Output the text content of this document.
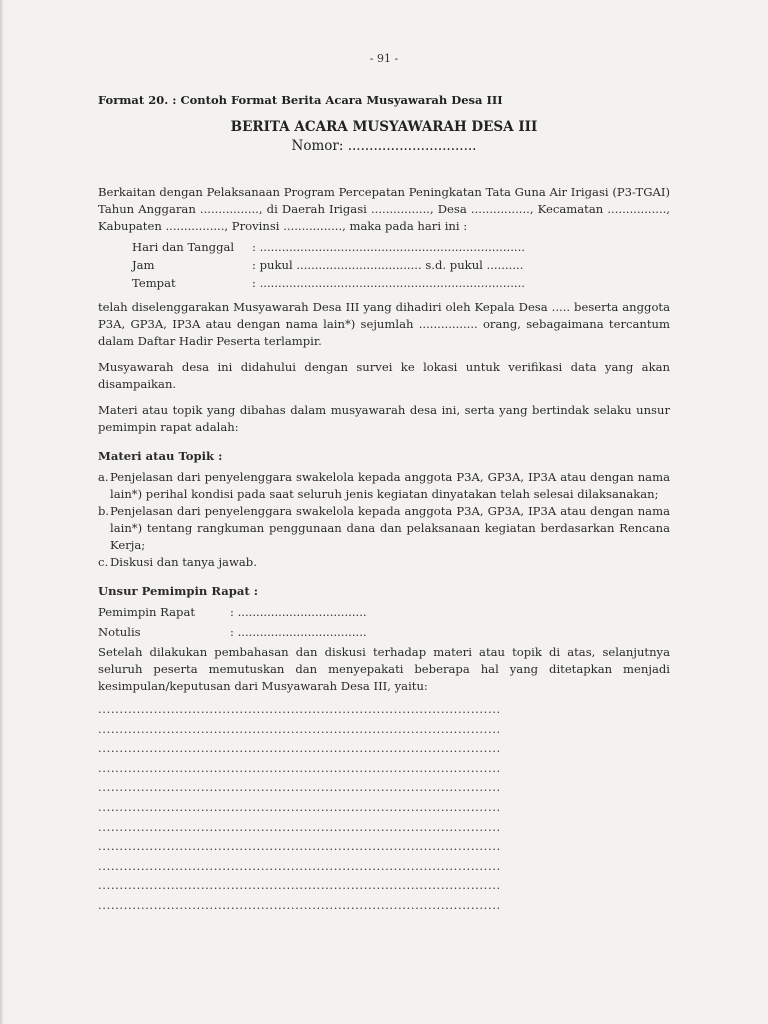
- 91 -
Format 20. : Contoh Format Berita Acara Musyawarah Desa III
BERITA ACARA MUSYAWARAH DESA III
Nomor: ..............................

Berkaitan dengan Pelaksanaan Program Percepatan Peningkatan Tata Guna Air Irigasi (P3-TGAI) Tahun Anggaran ................, di Daerah Irigasi ................, Desa ................, Kecamatan ................, Kabupaten ................, Provinsi ................, maka pada hari ini :

Hari dan Tanggal	: ........................................................................
Jam	: pukul .................................. s.d. pukul ..........
Tempat	: ........................................................................

telah diselenggarakan Musyawarah Desa III yang dihadiri oleh Kepala Desa ..... beserta anggota P3A, GP3A, IP3A atau dengan nama lain*) sejumlah ................ orang, sebagaimana tercantum dalam Daftar Hadir Peserta terlampir.

Musyawarah desa ini didahului dengan survei ke lokasi untuk verifikasi data yang akan disampaikan.

Materi atau topik yang dibahas dalam musyawarah desa ini, serta yang bertindak selaku unsur pemimpin rapat adalah:

Materi atau Topik :

a. Penjelasan dari penyelenggara swakelola kepada anggota P3A, GP3A, IP3A atau dengan nama lain*) perihal kondisi pada saat seluruh jenis kegiatan dinyatakan telah selesai dilaksanakan;
b. Penjelasan dari penyelenggara swakelola kepada anggota P3A, GP3A, IP3A atau dengan nama lain*) tentang rangkuman penggunaan dana dan pelaksanaan kegiatan berdasarkan Rencana Kerja;
c. Diskusi dan tanya jawab.

Unsur Pemimpin Rapat :

Pemimpin Rapat	: ...................................
Notulis	: ...................................

Setelah dilakukan pembahasan dan diskusi terhadap materi atau topik di atas, selanjutnya seluruh peserta memutuskan dan menyepakati beberapa hal yang ditetapkan menjadi kesimpulan/keputusan dari Musyawarah Desa III, yaitu:

..............................................................................................
..............................................................................................
..............................................................................................
..............................................................................................
..............................................................................................
..............................................................................................
..............................................................................................
..............................................................................................
..............................................................................................
..............................................................................................
..............................................................................................
